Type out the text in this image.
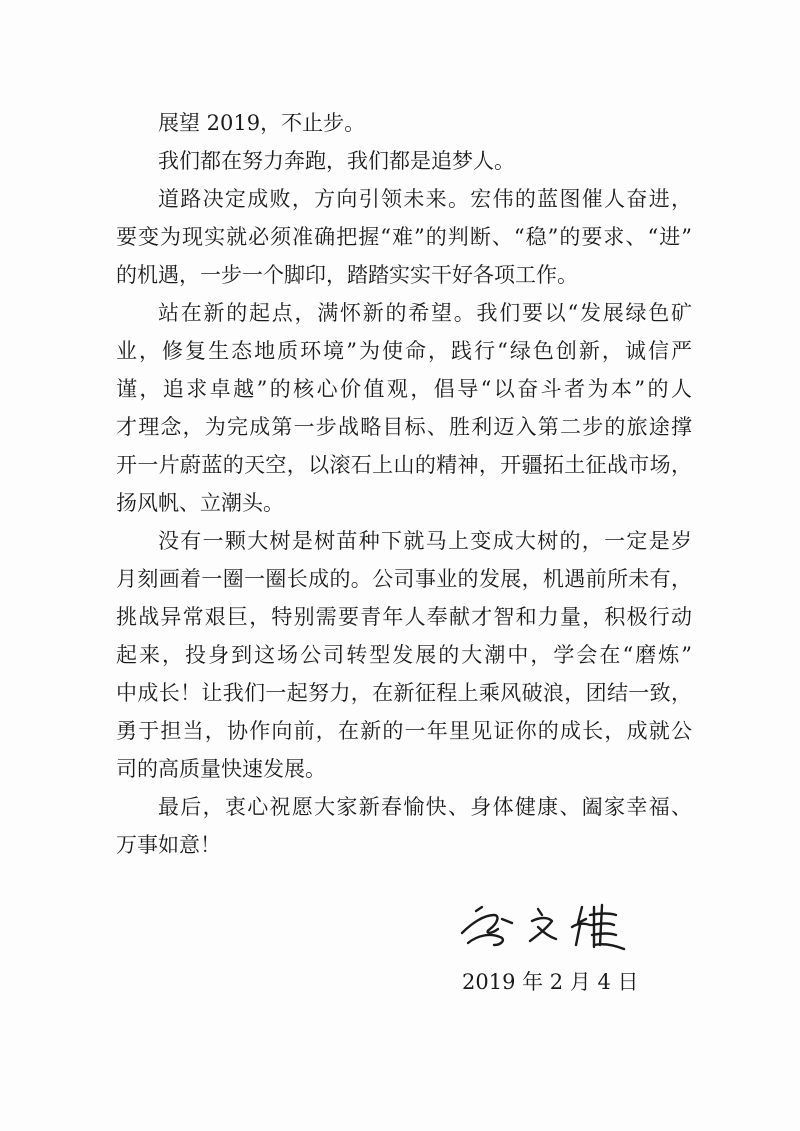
展望 2019，不止步。
我们都在努力奔跑，我们都是追梦人。
道路决定成败，方向引领未来。宏伟的蓝图催人奋进，
要变为现实就必须准确把握“难”的判断、“稳”的要求、“进”
的机遇，一步一个脚印，踏踏实实干好各项工作。
站在新的起点，满怀新的希望。我们要以“发展绿色矿
业，修复生态地质环境”为使命，践行“绿色创新，诚信严
谨，追求卓越”的核心价值观，倡导“以奋斗者为本”的人
才理念，为完成第一步战略目标、胜利迈入第二步的旅途撑
开一片蔚蓝的天空，以滚石上山的精神，开疆拓土征战市场，
扬风帆、立潮头。
没有一颗大树是树苗种下就马上变成大树的，一定是岁
月刻画着一圈一圈长成的。公司事业的发展，机遇前所未有，
挑战异常艰巨，特别需要青年人奉献才智和力量，积极行动
起来，投身到这场公司转型发展的大潮中，学会在“磨炼”
中成长！让我们一起努力，在新征程上乘风破浪，团结一致，
勇于担当，协作向前，在新的一年里见证你的成长，成就公
司的高质量快速发展。
最后，衷心祝愿大家新春愉快、身体健康、阖家幸福、
万事如意！
2019 年 2 月 4 日
